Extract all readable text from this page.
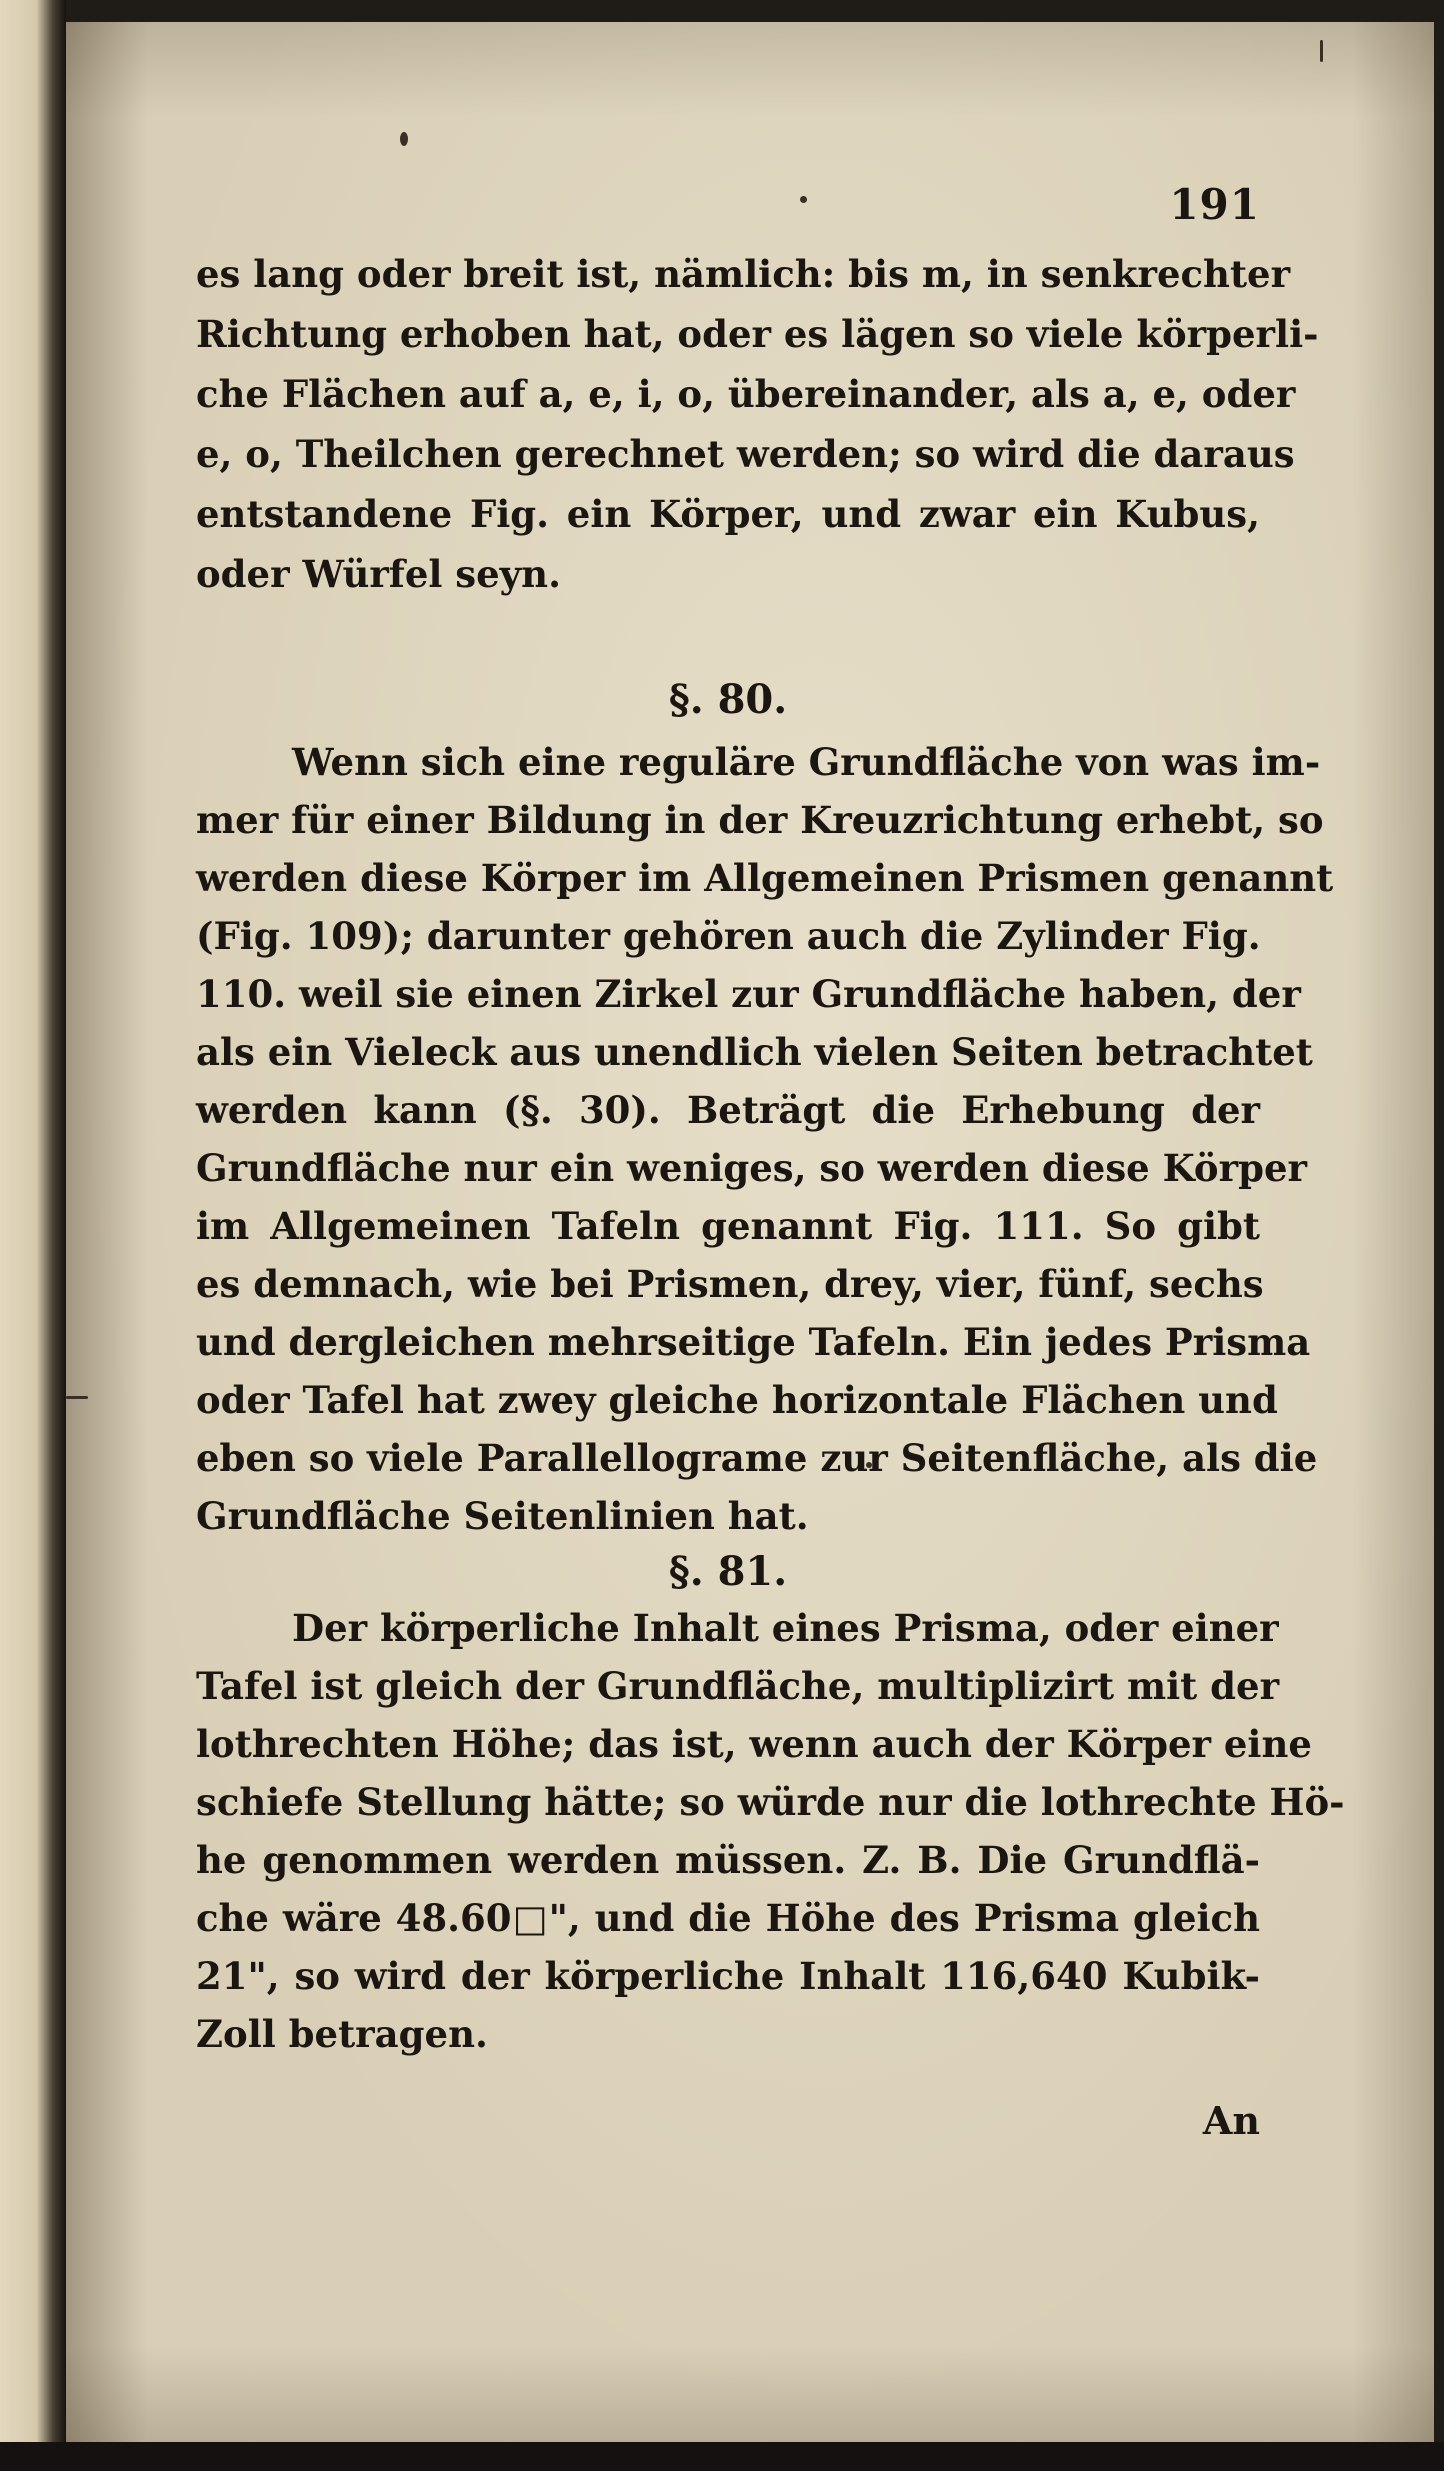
191
es lang oder breit ist, nämlich: bis m, in senkrechter
Richtung erhoben hat, oder es lägen so viele körperli-
che Flächen auf a, e, i, o, übereinander, als a, e, oder
e, o, Theilchen gerechnet werden; so wird die daraus
entstandene Fig. ein Körper, und zwar ein Kubus,
oder Würfel seyn.
§. 80.
Wenn sich eine reguläre Grundfläche von was im-
mer für einer Bildung in der Kreuzrichtung erhebt, so
werden diese Körper im Allgemeinen Prismen genannt
(Fig. 109); darunter gehören auch die Zylinder Fig.
110. weil sie einen Zirkel zur Grundfläche haben, der
als ein Vieleck aus unendlich vielen Seiten betrachtet
werden kann (§. 30). Beträgt die Erhebung der
Grundfläche nur ein weniges, so werden diese Körper
im Allgemeinen Tafeln genannt Fig. 111. So gibt
es demnach, wie bei Prismen, drey, vier, fünf, sechs
und dergleichen mehrseitige Tafeln. Ein jedes Prisma
oder Tafel hat zwey gleiche horizontale Flächen und
eben so viele Parallellograme zur Seitenfläche, als die
Grundfläche Seitenlinien hat.
§. 81.
Der körperliche Inhalt eines Prisma, oder einer
Tafel ist gleich der Grundfläche, multiplizirt mit der
lothrechten Höhe; das ist, wenn auch der Körper eine
schiefe Stellung hätte; so würde nur die lothrechte Hö-
he genommen werden müssen. Z. B. Die Grundflä-
che wäre 48.60□", und die Höhe des Prisma gleich
21", so wird der körperliche Inhalt 116,640 Kubik-
Zoll betragen.
An
